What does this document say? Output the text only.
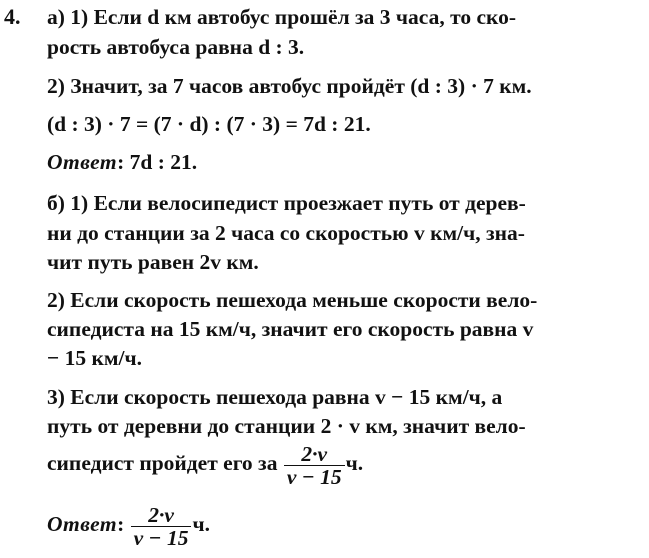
4. а) 1) Если d км автобус прошёл за 3 часа, то ско-
рость автобуса равна d : 3.
2) Значит, за 7 часов автобус пройдёт (d : 3) · 7 км.
(d : 3) · 7 = (7 · d) : (7 · 3) = 7d : 21.
Ответ: 7d : 21.
б) 1) Если велосипедист проезжает путь от дерев-
ни до станции за 2 часа со скоростью v км/ч, зна-
чит путь равен 2v км.
2) Если скорость пешехода меньше скорости вело-
сипедиста на 15 км/ч, значит его скорость равна v
− 15 км/ч.
3) Если скорость пешехода равна v − 15 км/ч, а
путь от деревни до станции 2 · v км, значит вело-
сипедист пройдет его за $\frac{2\cdot v}{v - 15} ч$.
Ответ: $\frac{2\cdot v}{v - 15} ч$.
